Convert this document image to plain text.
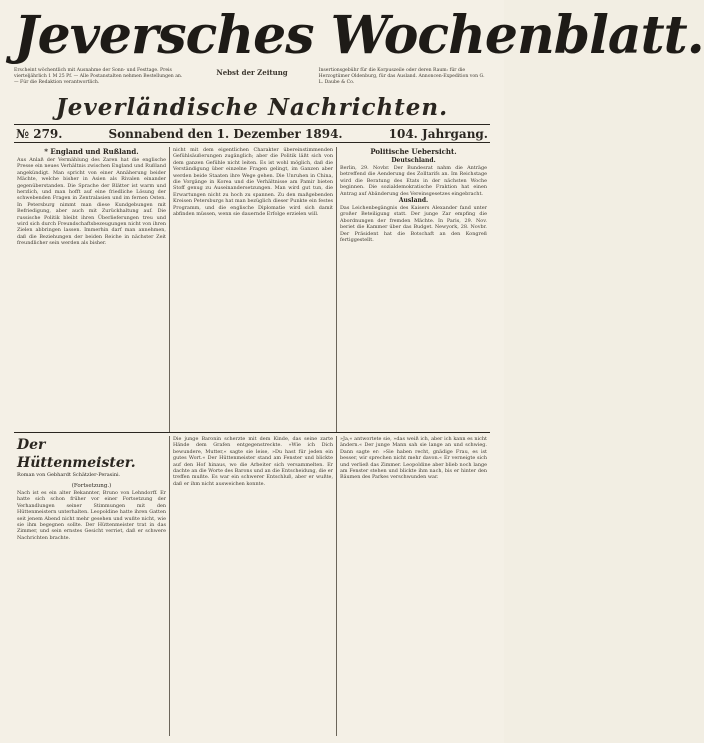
Jeversches Wochenblatt.
Erscheint wöchentlich mit Ausnahme der Sonn- und Festtage. Preis vierteljährlich 1 M 25 Pf. — Alle Postanstalten nehmen Bestellungen an. — Für die Redaktion verantwortlich.
Nebst der Zeitung	Insertionsgebühr für die Korpuszeile oder deren Raum: für die Herzogtümer Oldenburg, für das Ausland. Annoncen-Expedition von G. L. Daube & Co.
Jeverländische Nachrichten.
№ 279.	Sonnabend den 1. Dezember 1894.	104. Jahrgang.
* England und Rußland.
Aus Anlaß der Vermählung des Zaren hat die englische Presse ein neues Verhältnis zwischen England und Rußland angekündigt. Man spricht von einer Annäherung beider Mächte, welche bisher in Asien als Rivalen einander gegenüberstanden. Die Sprache der Blätter ist warm und herzlich, und man hofft auf eine friedliche Lösung der schwebenden Fragen in Zentralasien und im fernen Osten. In Petersburg nimmt man diese Kundgebungen mit Befriedigung, aber auch mit Zurückhaltung auf. Die russische Politik bleibt ihren Überlieferungen treu und wird sich durch Freundschaftsbezeugungen nicht von ihren Zielen abbringen lassen. Immerhin darf man annehmen, daß die Beziehungen der beiden Reiche in nächster Zeit freundlicher sein werden als bisher.
nicht mit dem eigentlichen Charakter übereinstimmenden Gefühlsäußerungen zugänglich; aber die Politik läßt sich von dem ganzen Gefühle nicht leiten. Es ist wohl möglich, daß die Verständigung über einzelne Fragen gelingt, im Ganzen aber werden beide Staaten ihre Wege gehen. Die Unruhen in China, die Vorgänge in Korea und die Verhältnisse am Pamir bieten Stoff genug zu Auseinandersetzungen. Man wird gut tun, die Erwartungen nicht zu hoch zu spannen. Zu den maßgebenden Kreisen Petersburgs hat man bezüglich dieser Punkte ein festes Programm, und die englische Diplomatie wird sich damit abfinden müssen, wenn sie dauernde Erfolge erzielen will.
Politische Uebersicht.
Deutschland.
Berlin, 29. Novbr. Der Bundesrat nahm die Anträge betreffend die Aenderung des Zolltarifs an. Im Reichstage wird die Beratung des Etats in der nächsten Woche beginnen. Die sozialdemokratische Fraktion hat einen Antrag auf Abänderung des Vereinsgesetzes eingebracht.
Ausland.
Das Leichenbegängnis des Kaisers Alexander fand unter großer Beteiligung statt. Der junge Zar empfing die Abordnungen der fremden Mächte. In Paris, 29. Nov. beriet die Kammer über das Budget. Newyork, 28. Novbr. Der Präsident hat die Botschaft an den Kongreß fertiggestellt.
Der Hüttenmeister.
Roman von Gebhardt Schätzler-Perasini.
(Fortsetzung.)
Nach ist es ein alter Bekannter, Bruno von Lehndorff. Er hatte sich schon früher vor einer Fortsetzung der Verhandlungen seiner Stimmungen mit den Hüttenmeistern unterhalten. Leopoldine hatte ihren Gatten seit jenem Abend nicht mehr gesehen und wußte nicht, wie sie ihm begegnen sollte. Der Hüttenmeister trat in das Zimmer, und sein ernstes Gesicht verriet, daß er schwere Nachrichten brachte.
Die junge Baronin scherzte mit dem Kinde, das seine zarte Hände dem Grafen entgegenstreckte. »Wie ich Dich bewundere, Mutter,« sagte sie leise, »Du hast für jeden ein gutes Wort.« Der Hüttenmeister stand am Fenster und blickte auf den Hof hinaus, wo die Arbeiter sich versammelten. Er dachte an die Worte des Barons und an die Entscheidung, die er treffen mußte. Es war ein schwerer Entschluß, aber er wußte, daß er ihm nicht ausweichen konnte.
»Ja,« antwortete sie, »das weiß ich, aber ich kann es nicht ändern.« Der junge Mann sah sie lange an und schwieg. Dann sagte er: »Sie haben recht, gnädige Frau, es ist besser, wir sprechen nicht mehr davon.« Er verneigte sich und verließ das Zimmer. Leopoldine aber blieb noch lange am Fenster stehen und blickte ihm nach, bis er hinter den Bäumen des Parkes verschwunden war.
